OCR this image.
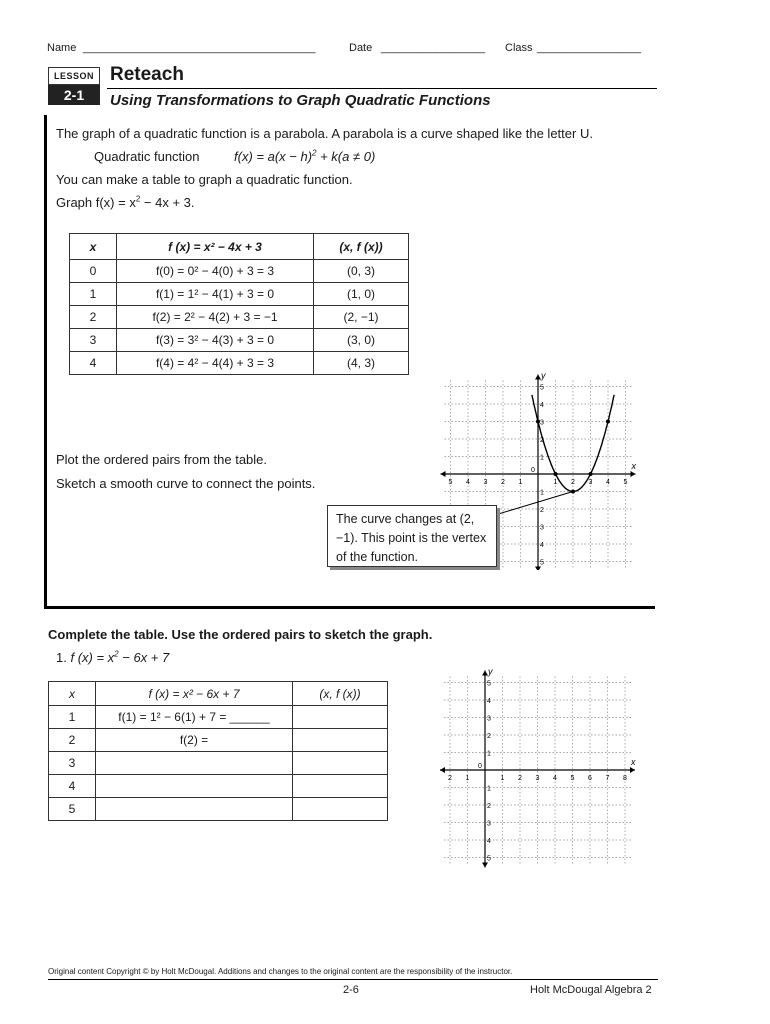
Name

______________________________________

	Date

_________________

Class

_________________

LESSON
2-1
Reteach
Using Transformations to Graph Quadratic Functions
The graph of a quadratic function is a parabola. A parabola is a curve shaped like the letter U.
Quadratic function	$f(x) = a(x - h)^2 + k(a \ne 0)$
You can make a table to graph a quadratic function.
Graph $f(x) = x^2 - 4x + 3$.
x	f (x) = x² − 4x + 3	(x, f (x))
0	f(0) = 0² − 4(0) + 3 = 3	(0, 3)
1	f(1) = 1² − 4(1) + 3 = 0	(1, 0)
2	f(2) = 2² − 4(2) + 3 = −1	(2, −1)
3	f(3) = 3² − 4(3) + 3 = 0	(3, 0)
4	f(4) = 4² − 4(4) + 3 = 3	(4, 3)
Plot the ordered pairs from the table.
Sketch a smooth curve to connect the points.	5 4 3 2 1	1 2 3 4 5
5
4
3
2
1
1
2
3
4
5
0	x
y
The curve changes at (2, −1). This point is the vertex of the function.
Complete the table. Use the ordered pairs to sketch the graph.
1. f $(x) = x^2 - 6x + 7$
x	f (x) = x² − 6x + 7	(x, f (x))
1	f(1) = 1² − 6(1) + 7 = ______	
2	f(2) =	
3		
4		
5		
2 1	1 2 3 4 5 6 7 8
5
4
3
2
1
1
2
3
4
5
0	x
y
Original content Copyright © by Holt McDougal. Additions and changes to the original content are the responsibility of the instructor.
2-6	Holt McDougal Algebra 2
